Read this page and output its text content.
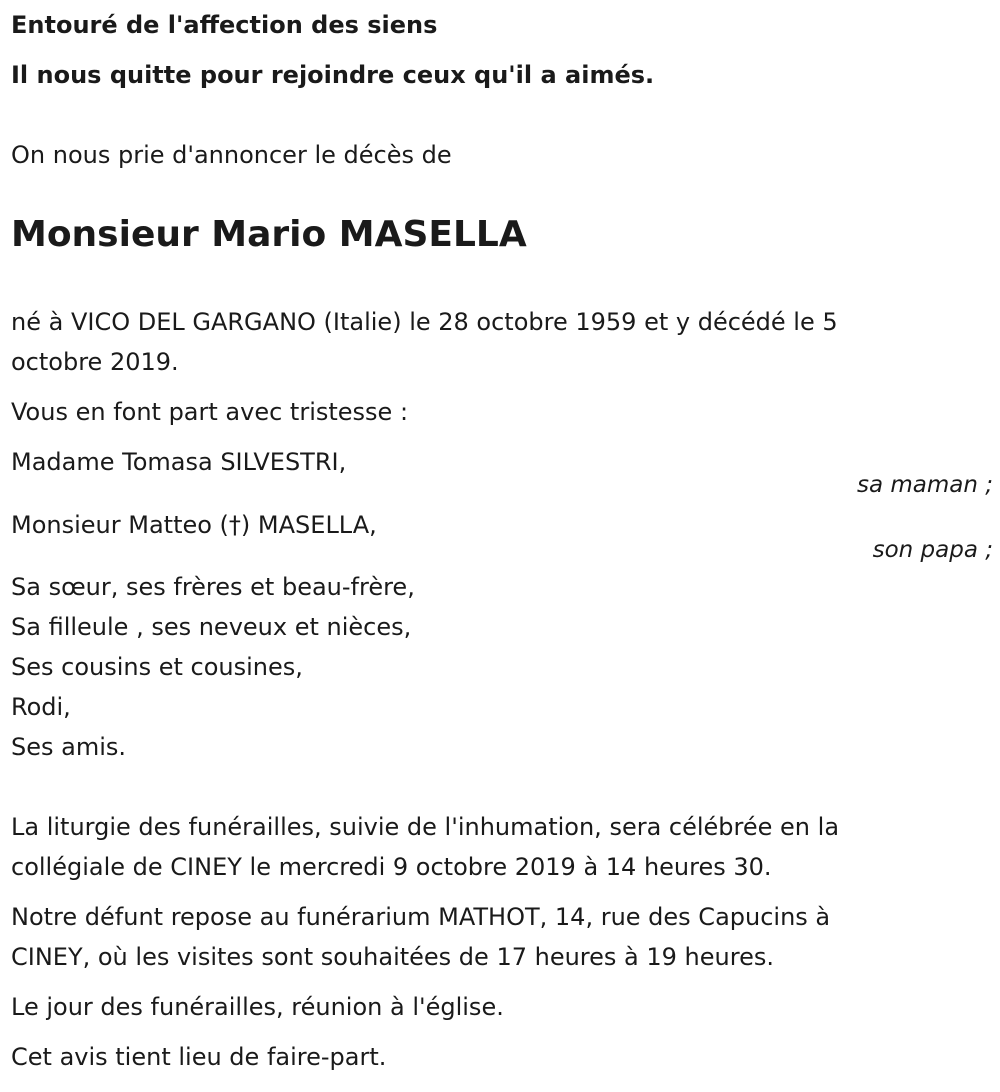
Entouré de l'affection des siens
Il nous quitte pour rejoindre ceux qu'il a aimés.
On nous prie d'annoncer le décès de
Monsieur Mario MASELLA
né à VICO DEL GARGANO (Italie) le 28 octobre 1959 et y décédé le 5
octobre 2019.
Vous en font part avec tristesse :
Madame Tomasa SILVESTRI,
sa maman ;
Monsieur Matteo (†) MASELLA,
son papa ;
Sa sœur, ses frères et beau-frère,
Sa filleule , ses neveux et nièces,
Ses cousins et cousines,
Rodi,
Ses amis.
La liturgie des funérailles, suivie de l'inhumation, sera célébrée en la
collégiale de CINEY le mercredi 9 octobre 2019 à 14 heures 30.
Notre défunt repose au funérarium MATHOT, 14, rue des Capucins à
CINEY, où les visites sont souhaitées de 17 heures à 19 heures.
Le jour des funérailles, réunion à l'église.
Cet avis tient lieu de faire-part.
